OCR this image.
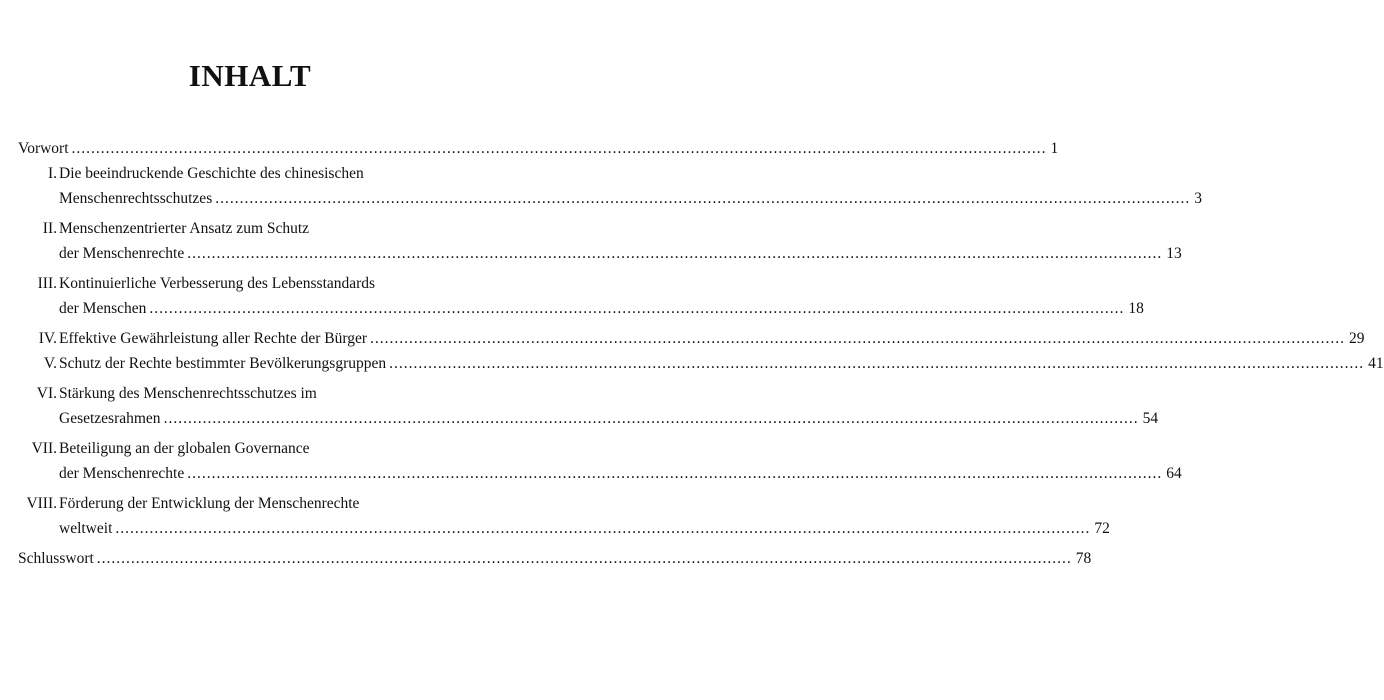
INHALT
Vorwort ........................................................................................................................................................................................................ 1
I. Die beeindruckende Geschichte des chinesischen
Menschenrechtsschutzes ........................................................................................................................................................................................................ 3
II. Menschenzentrierter Ansatz zum Schutz
der Menschenrechte ........................................................................................................................................................................................................ 13
III. Kontinuierliche Verbesserung des Lebensstandards
der Menschen ........................................................................................................................................................................................................ 18
IV. Effektive Gewährleistung aller Rechte der Bürger ........................................................................................................................................................................................................ 29
V. Schutz der Rechte bestimmter Bevölkerungsgruppen ........................................................................................................................................................................................................ 41
VI. Stärkung des Menschenrechtsschutzes im
Gesetzesrahmen ........................................................................................................................................................................................................ 54
VII. Beteiligung an der globalen Governance
der Menschenrechte ........................................................................................................................................................................................................ 64
VIII. Förderung der Entwicklung der Menschenrechte
weltweit ........................................................................................................................................................................................................ 72
Schlusswort ........................................................................................................................................................................................................ 78
